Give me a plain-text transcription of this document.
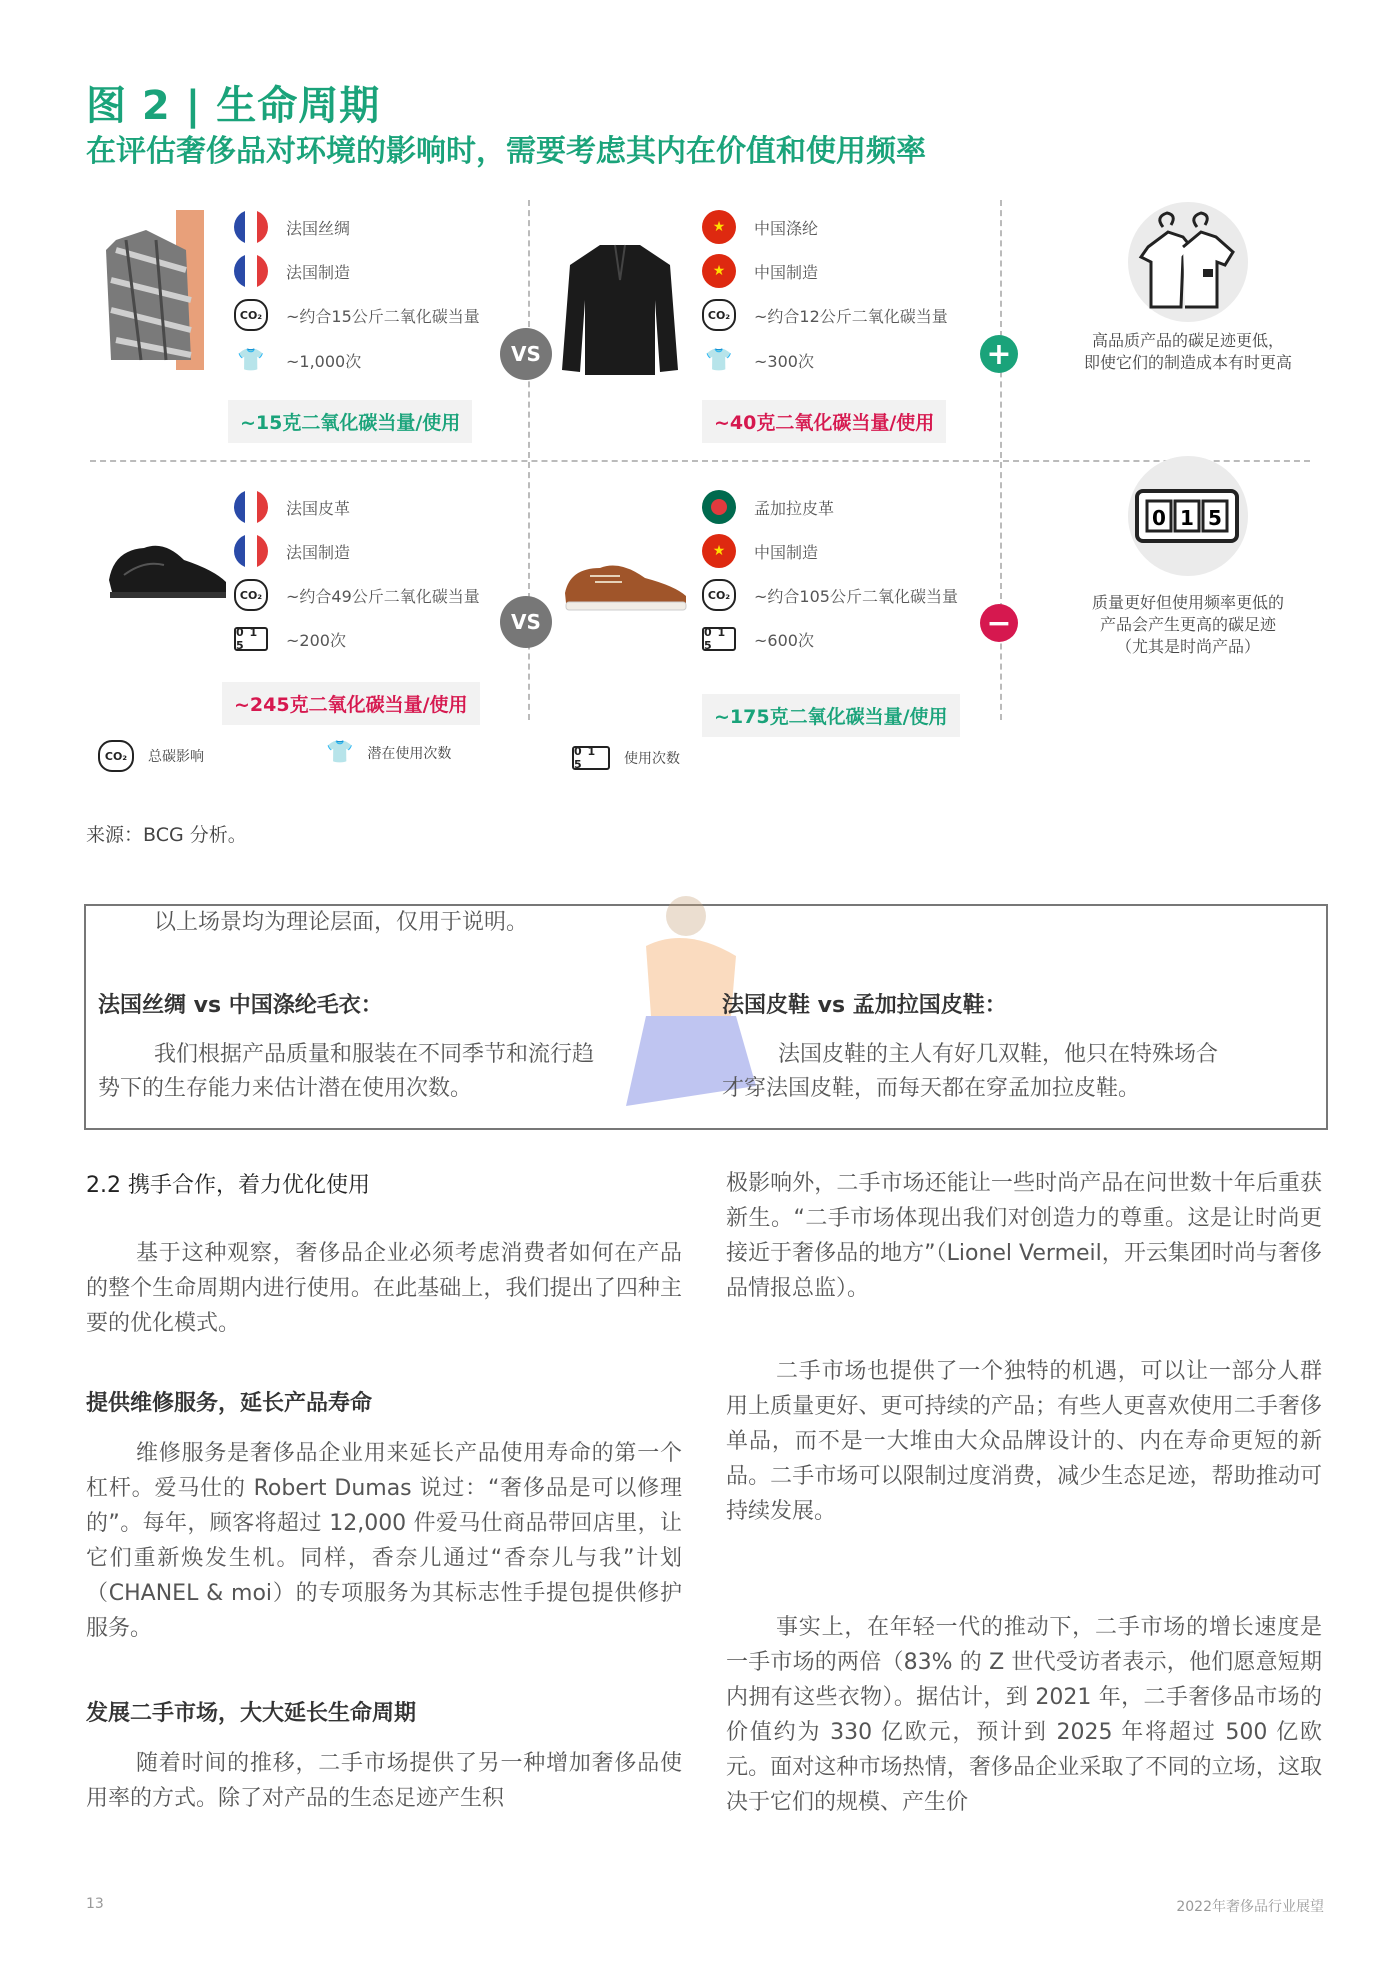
图 2 | 生命周期
在评估奢侈品对环境的影响时，需要考虑其内在价值和使用频率
法国丝绸
法国制造
CO₂	~约合15公斤二氧化碳当量
👕 ~1,000次
~15克二氧化碳当量/使用
VS
★	中国涤纶
★	中国制造
CO₂	~约合12公斤二氧化碳当量
👕 ~300次
~40克二氧化碳当量/使用
+	高品质产品的碳足迹更低，
即使它们的制造成本有时更高
法国皮革
法国制造
CO₂	~约合49公斤二氧化碳当量
0 1 5	~200次
~245克二氧化碳当量/使用
VS
孟加拉皮革
★	中国制造
CO₂	~约合105公斤二氧化碳当量
0 1 5	~600次
~175克二氧化碳当量/使用
−
0 1 5
质量更好但使用频率更低的
产品会产生更高的碳足迹
（尤其是时尚产品）
CO₂	总碳影响	👕 潜在使用次数	0 1 5	使用次数
来源：BCG 分析。
以上场景均为理论层面，仅用于说明。
法国丝绸 vs 中国涤纶毛衣：
我们根据产品质量和服装在不同季节和流行趋
势下的生存能力来估计潜在使用次数。
法国皮鞋 vs 孟加拉国皮鞋：
法国皮鞋的主人有好几双鞋，他只在特殊场合
才穿法国皮鞋，而每天都在穿孟加拉皮鞋。
2.2 携手合作，着力优化使用
基于这种观察，奢侈品企业必须考虑消费者如何在产品的整个生命周期内进行使用。在此基础上，我们提出了四种主要的优化模式。
提供维修服务，延长产品寿命
维修服务是奢侈品企业用来延长产品使用寿命的第一个杠杆。爱马仕的 Robert Dumas 说过：“奢侈品是可以修理的”。每年，顾客将超过 12,000 件爱马仕商品带回店里，让它们重新焕发生机。同样，香奈儿通过“香奈儿与我”计划（CHANEL & moi）的专项服务为其标志性手提包提供修护服务。
发展二手市场，大大延长生命周期
随着时间的推移，二手市场提供了另一种增加奢侈品使用率的方式。除了对产品的生态足迹产生积
极影响外，二手市场还能让一些时尚产品在问世数十年后重获新生。“二手市场体现出我们对创造力的尊重。这是让时尚更接近于奢侈品的地方”（Lionel Vermeil，开云集团时尚与奢侈品情报总监）。
二手市场也提供了一个独特的机遇，可以让一部分人群用上质量更好、更可持续的产品；有些人更喜欢使用二手奢侈单品，而不是一大堆由大众品牌设计的、内在寿命更短的新品。二手市场可以限制过度消费，减少生态足迹，帮助推动可持续发展。
事实上，在年轻一代的推动下，二手市场的增长速度是一手市场的两倍（83% 的 Z 世代受访者表示，他们愿意短期内拥有这些衣物）。据估计，到 2021 年，二手奢侈品市场的价值约为 330 亿欧元，预计到 2025 年将超过 500 亿欧元。面对这种市场热情，奢侈品企业采取了不同的立场，这取决于它们的规模、产生价
13	2022年奢侈品行业展望
